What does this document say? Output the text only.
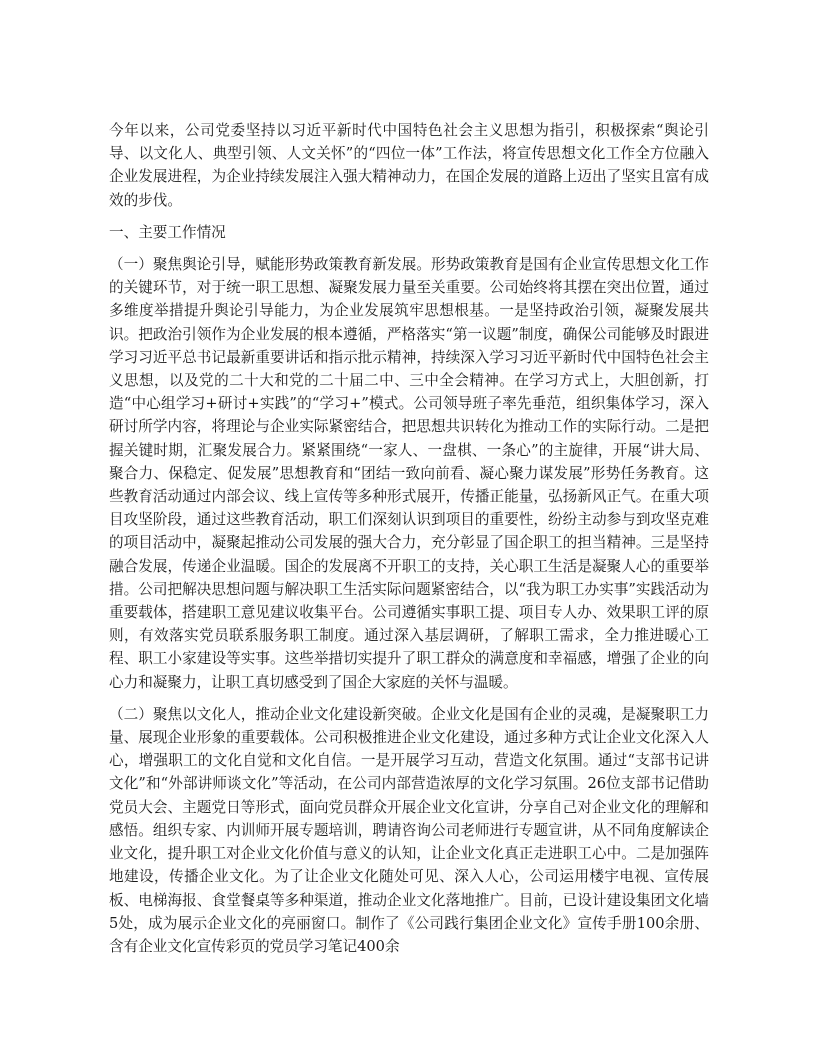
今年以来，公司党委坚持以习近平新时代中国特色社会主义思想为指引，积极探索“舆论引导、以文化人、典型引领、人文关怀”的“四位一体”工作法，将宣传思想文化工作全方位融入企业发展进程，为企业持续发展注入强大精神动力，在国企发展的道路上迈出了坚实且富有成效的步伐。

一、主要工作情况

（一）聚焦舆论引导，赋能形势政策教育新发展。形势政策教育是国有企业宣传思想文化工作的关键环节，对于统一职工思想、凝聚发展力量至关重要。公司始终将其摆在突出位置，通过多维度举措提升舆论引导能力，为企业发展筑牢思想根基。一是坚持政治引领，凝聚发展共识。把政治引领作为企业发展的根本遵循，严格落实“第一议题”制度，确保公司能够及时跟进学习习近平总书记最新重要讲话和指示批示精神，持续深入学习习近平新时代中国特色社会主义思想，以及党的二十大和党的二十届二中、三中全会精神。在学习方式上，大胆创新，打造“中心组学习+研讨+实践”的“学习+”模式。公司领导班子率先垂范，组织集体学习，深入研讨所学内容，将理论与企业实际紧密结合，把思想共识转化为推动工作的实际行动。二是把握关键时期，汇聚发展合力。紧紧围绕“一家人、一盘棋、一条心”的主旋律，开展“讲大局、聚合力、保稳定、促发展”思想教育和“团结一致向前看、凝心聚力谋发展”形势任务教育。这些教育活动通过内部会议、线上宣传等多种形式展开，传播正能量，弘扬新风正气。在重大项目攻坚阶段，通过这些教育活动，职工们深刻认识到项目的重要性，纷纷主动参与到攻坚克难的项目活动中，凝聚起推动公司发展的强大合力，充分彰显了国企职工的担当精神。三是坚持融合发展，传递企业温暖。国企的发展离不开职工的支持，关心职工生活是凝聚人心的重要举措。公司把解决思想问题与解决职工生活实际问题紧密结合，以“我为职工办实事”实践活动为重要载体，搭建职工意见建议收集平台。公司遵循实事职工提、项目专人办、效果职工评的原则，有效落实党员联系服务职工制度。通过深入基层调研，了解职工需求，全力推进暖心工程、职工小家建设等实事。这些举措切实提升了职工群众的满意度和幸福感，增强了企业的向心力和凝聚力，让职工真切感受到了国企大家庭的关怀与温暖。

（二）聚焦以文化人，推动企业文化建设新突破。企业文化是国有企业的灵魂，是凝聚职工力量、展现企业形象的重要载体。公司积极推进企业文化建设，通过多种方式让企业文化深入人心，增强职工的文化自觉和文化自信。一是开展学习互动，营造文化氛围。通过“支部书记讲文化”和“外部讲师谈文化”等活动，在公司内部营造浓厚的文化学习氛围。26位支部书记借助党员大会、主题党日等形式，面向党员群众开展企业文化宣讲，分享自己对企业文化的理解和感悟。组织专家、内训师开展专题培训，聘请咨询公司老师进行专题宣讲，从不同角度解读企业文化，提升职工对企业文化价值与意义的认知，让企业文化真正走进职工心中。二是加强阵地建设，传播企业文化。为了让企业文化随处可见、深入人心，公司运用楼宇电视、宣传展板、电梯海报、食堂餐桌等多种渠道，推动企业文化落地推广。目前，已设计建设集团文化墙5处，成为展示企业文化的亮丽窗口。制作了《公司践行集团企业文化》宣传手册100余册、含有企业文化宣传彩页的党员学习笔记400余
